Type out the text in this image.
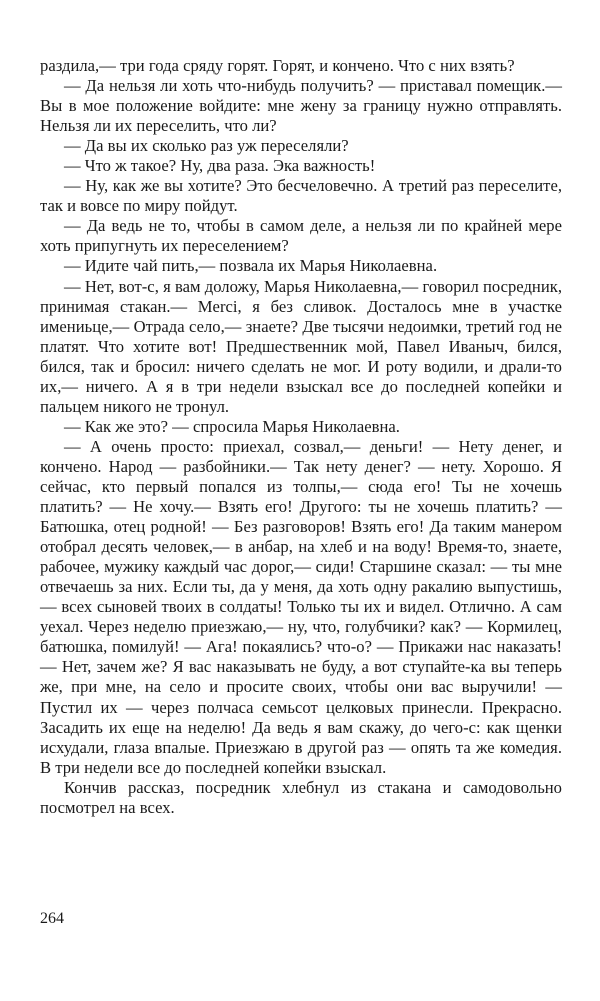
раздила,— три года сряду горят. Горят, и кончено. Что с них взять?

— Да нельзя ли хоть что-нибудь получить? — приставал помещик.— Вы в мое положение войдите: мне жену за границу нужно отправлять. Нельзя ли их переселить, что ли?

— Да вы их сколько раз уж переселяли?

— Что ж такое? Ну, два раза. Эка важность!

— Ну, как же вы хотите? Это бесчеловечно. А третий раз переселите, так и вовсе по миру пойдут.

— Да ведь не то, чтобы в самом деле, а нельзя ли по крайней мере хоть припугнуть их переселением?

— Идите чай пить,— позвала их Марья Николаевна.

— Нет, вот-с, я вам доложу, Марья Николаевна,— говорил посредник, принимая стакан.— Merci, я без сливок. Досталось мне в участке имениьце,— Отрада село,— знаете? Две тысячи недоимки, третий год не платят. Что хотите вот! Предшественник мой, Павел Иваныч, бился, бился, так и бросил: ничего сделать не мог. И роту водили, и драли-то их,— ничего. А я в три недели взыскал все до последней копейки и пальцем никого не тронул.

— Как же это? — спросила Марья Николаевна.

— А очень просто: приехал, созвал,— деньги! — Нету денег, и кончено. Народ — разбойники.— Так нету денег? — нету. Хорошо. Я сейчас, кто первый попался из толпы,— сюда его! Ты не хочешь платить? — Не хочу.— Взять его! Другого: ты не хочешь платить? — Батюшка, отец родной! — Без разговоров! Взять его! Да таким манером отобрал десять человек,— в анбар, на хлеб и на воду! Время-то, знаете, рабочее, мужику каждый час дорог,— сиди! Старшине сказал: — ты мне отвечаешь за них. Если ты, да у меня, да хоть одну ракалию выпустишь,— всех сыновей твоих в солдаты! Только ты их и видел. Отлично. А сам уехал. Через неделю приезжаю,— ну, что, голубчики? как? — Кормилец, батюшка, помилуй! — Ага! покаялись? что-о? — Прикажи нас наказать! — Нет, зачем же? Я вас наказывать не буду, а вот ступайте-ка вы теперь же, при мне, на село и просите своих, чтобы они вас выручили! — Пустил их — через полчаса семьсот целковых принесли. Прекрасно. Засадить их еще на неделю! Да ведь я вам скажу, до чего-с: как щенки исхудали, глаза впалые. Приезжаю в другой раз — опять та же комедия. В три недели все до последней копейки взыскал.

Кончив рассказ, посредник хлебнул из стакана и самодовольно посмотрел на всех.

264
